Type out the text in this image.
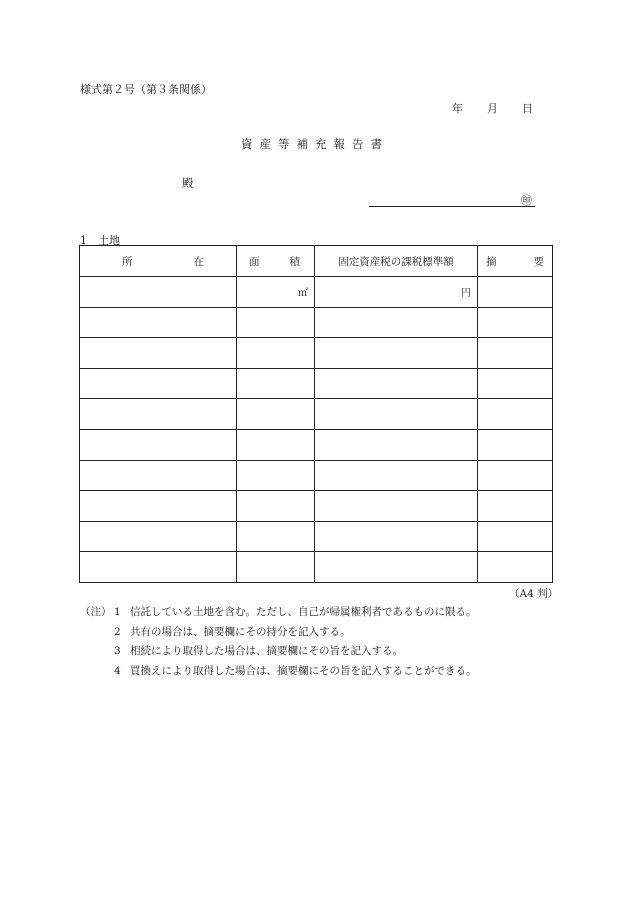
様式第２号（第３条関係）
年 月 日
資産等補充報告書
殿
㊞
1　土地
所 在	面 積	固定資産税の課税標準額	摘 要

	㎡	円	

（A4 判）
（注） 1 信託している土地を含む。ただし、自己が帰属権利者であるものに限る。
2 共有の場合は、摘要欄にその持分を記入する。
3 相続により取得した場合は、摘要欄にその旨を記入する。
4 買換えにより取得した場合は、摘要欄にその旨を記入することができる。
